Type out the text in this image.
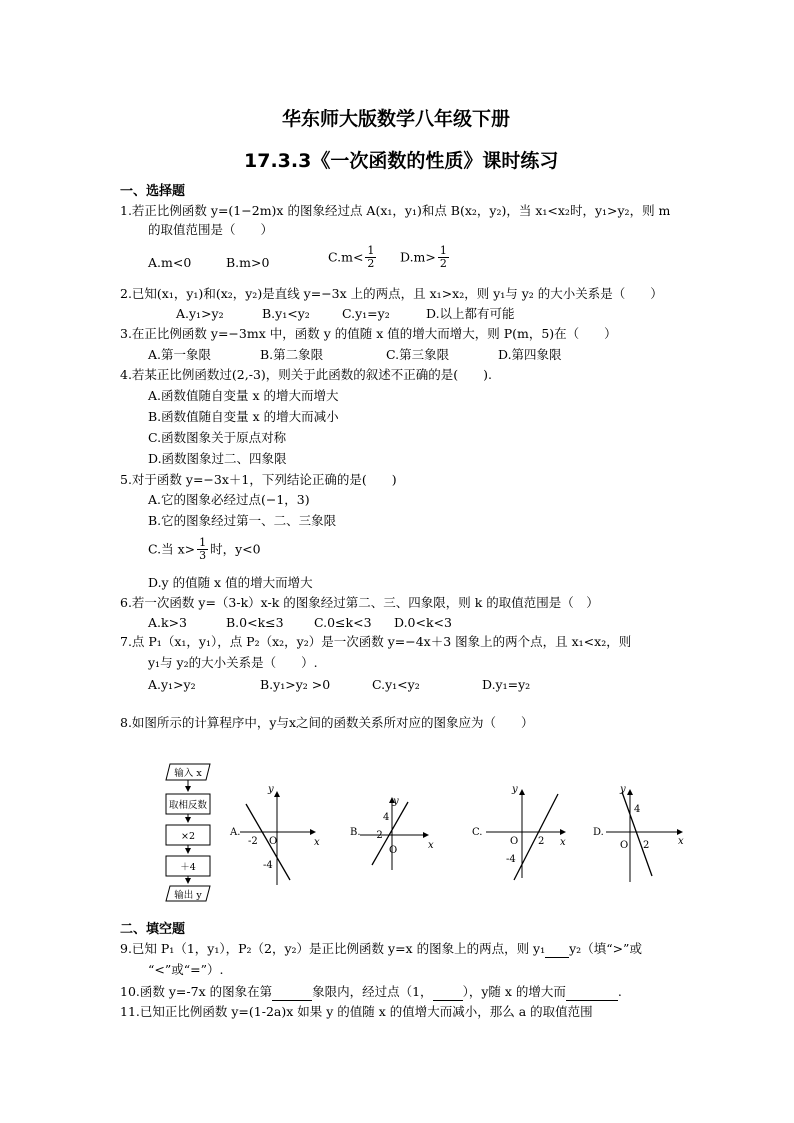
华东师大版数学八年级下册
17.3.3《一次函数的性质》课时练习
一、选择题
1.若正比例函数 y=(1−2m)x 的图象经过点 A(x₁，y₁)和点 B(x₂，y₂)，当 x₁<x₂时，y₁>y₂，则 m
的取值范围是（　　）
A.m<0	B.m>0	$C.m< \frac{1}{2} D.m> \frac{1}{2}$
2.已知(x₁，y₁)和(x₂，y₂)是直线 y=−3x 上的两点，且 x₁>x₂，则 y₁与 y₂ 的大小关系是（　　）
A.y₁>y₂	B.y₁<y₂	C.y₁=y₂	D.以上都有可能
3.在正比例函数 y=−3mx 中，函数 y 的值随 x 值的增大而增大，则 P(m，5)在（　　）
A.第一象限	B.第二象限	C.第三象限	D.第四象限
4.若某正比例函数过(2,-3)，则关于此函数的叙述不正确的是(　　).
A.函数值随自变量 x 的增大而增大
B.函数值随自变量 x 的增大而减小
C.函数图象关于原点对称
D.函数图象过二、四象限
5.对于函数 y=−3x＋1，下列结论正确的是(　　)
A.它的图象必经过点(−1，3)
B.它的图象经过第一、二、三象限
C.当 $x> \frac{1}{3}$ 时，y<0
D.y 的值随 x 值的增大而增大
6.若一次函数 y=（3-k）x-k 的图象经过第二、三、四象限，则 k 的取值范围是（　）
A.k>3	B.0<k≤3 C.0≤k<3 D.0<k<3
7.点 P₁（x₁，y₁），点 P₂（x₂，y₂）是一次函数 y=−4x＋3 图象上的两个点，且 x₁<x₂，则
y₁与 y₂的大小关系是（　　）.
A.y₁>y₂	B.y₁>y₂ >0	C.y₁<y₂	D.y₁=y₂
8.如图所示的计算程序中，y与x之间的函数关系所对应的图象应为（　　）
输入 x
取相反数
×2
＋4
输出 y
A.
y
x
O
-2
-4
B.
y
x
O
-2
4
C.
y
x
O 2
-4
D.
y
x
O 2
4
二、填空题
9.已知 P₁（1，y₁），P₂（2，y₂）是正比例函数 y=x 的图象上的两点，则 y₁ y₂（填“>”或
“<”或“=”）.
10.函数 y=-7x 的图象在第	象限内，经过点（1， ），y随 x 的增大而	.
11.已知正比例函数 y=(1-2a)x 如果 y 的值随 x 的值增大而减小，那么 a 的取值范围
